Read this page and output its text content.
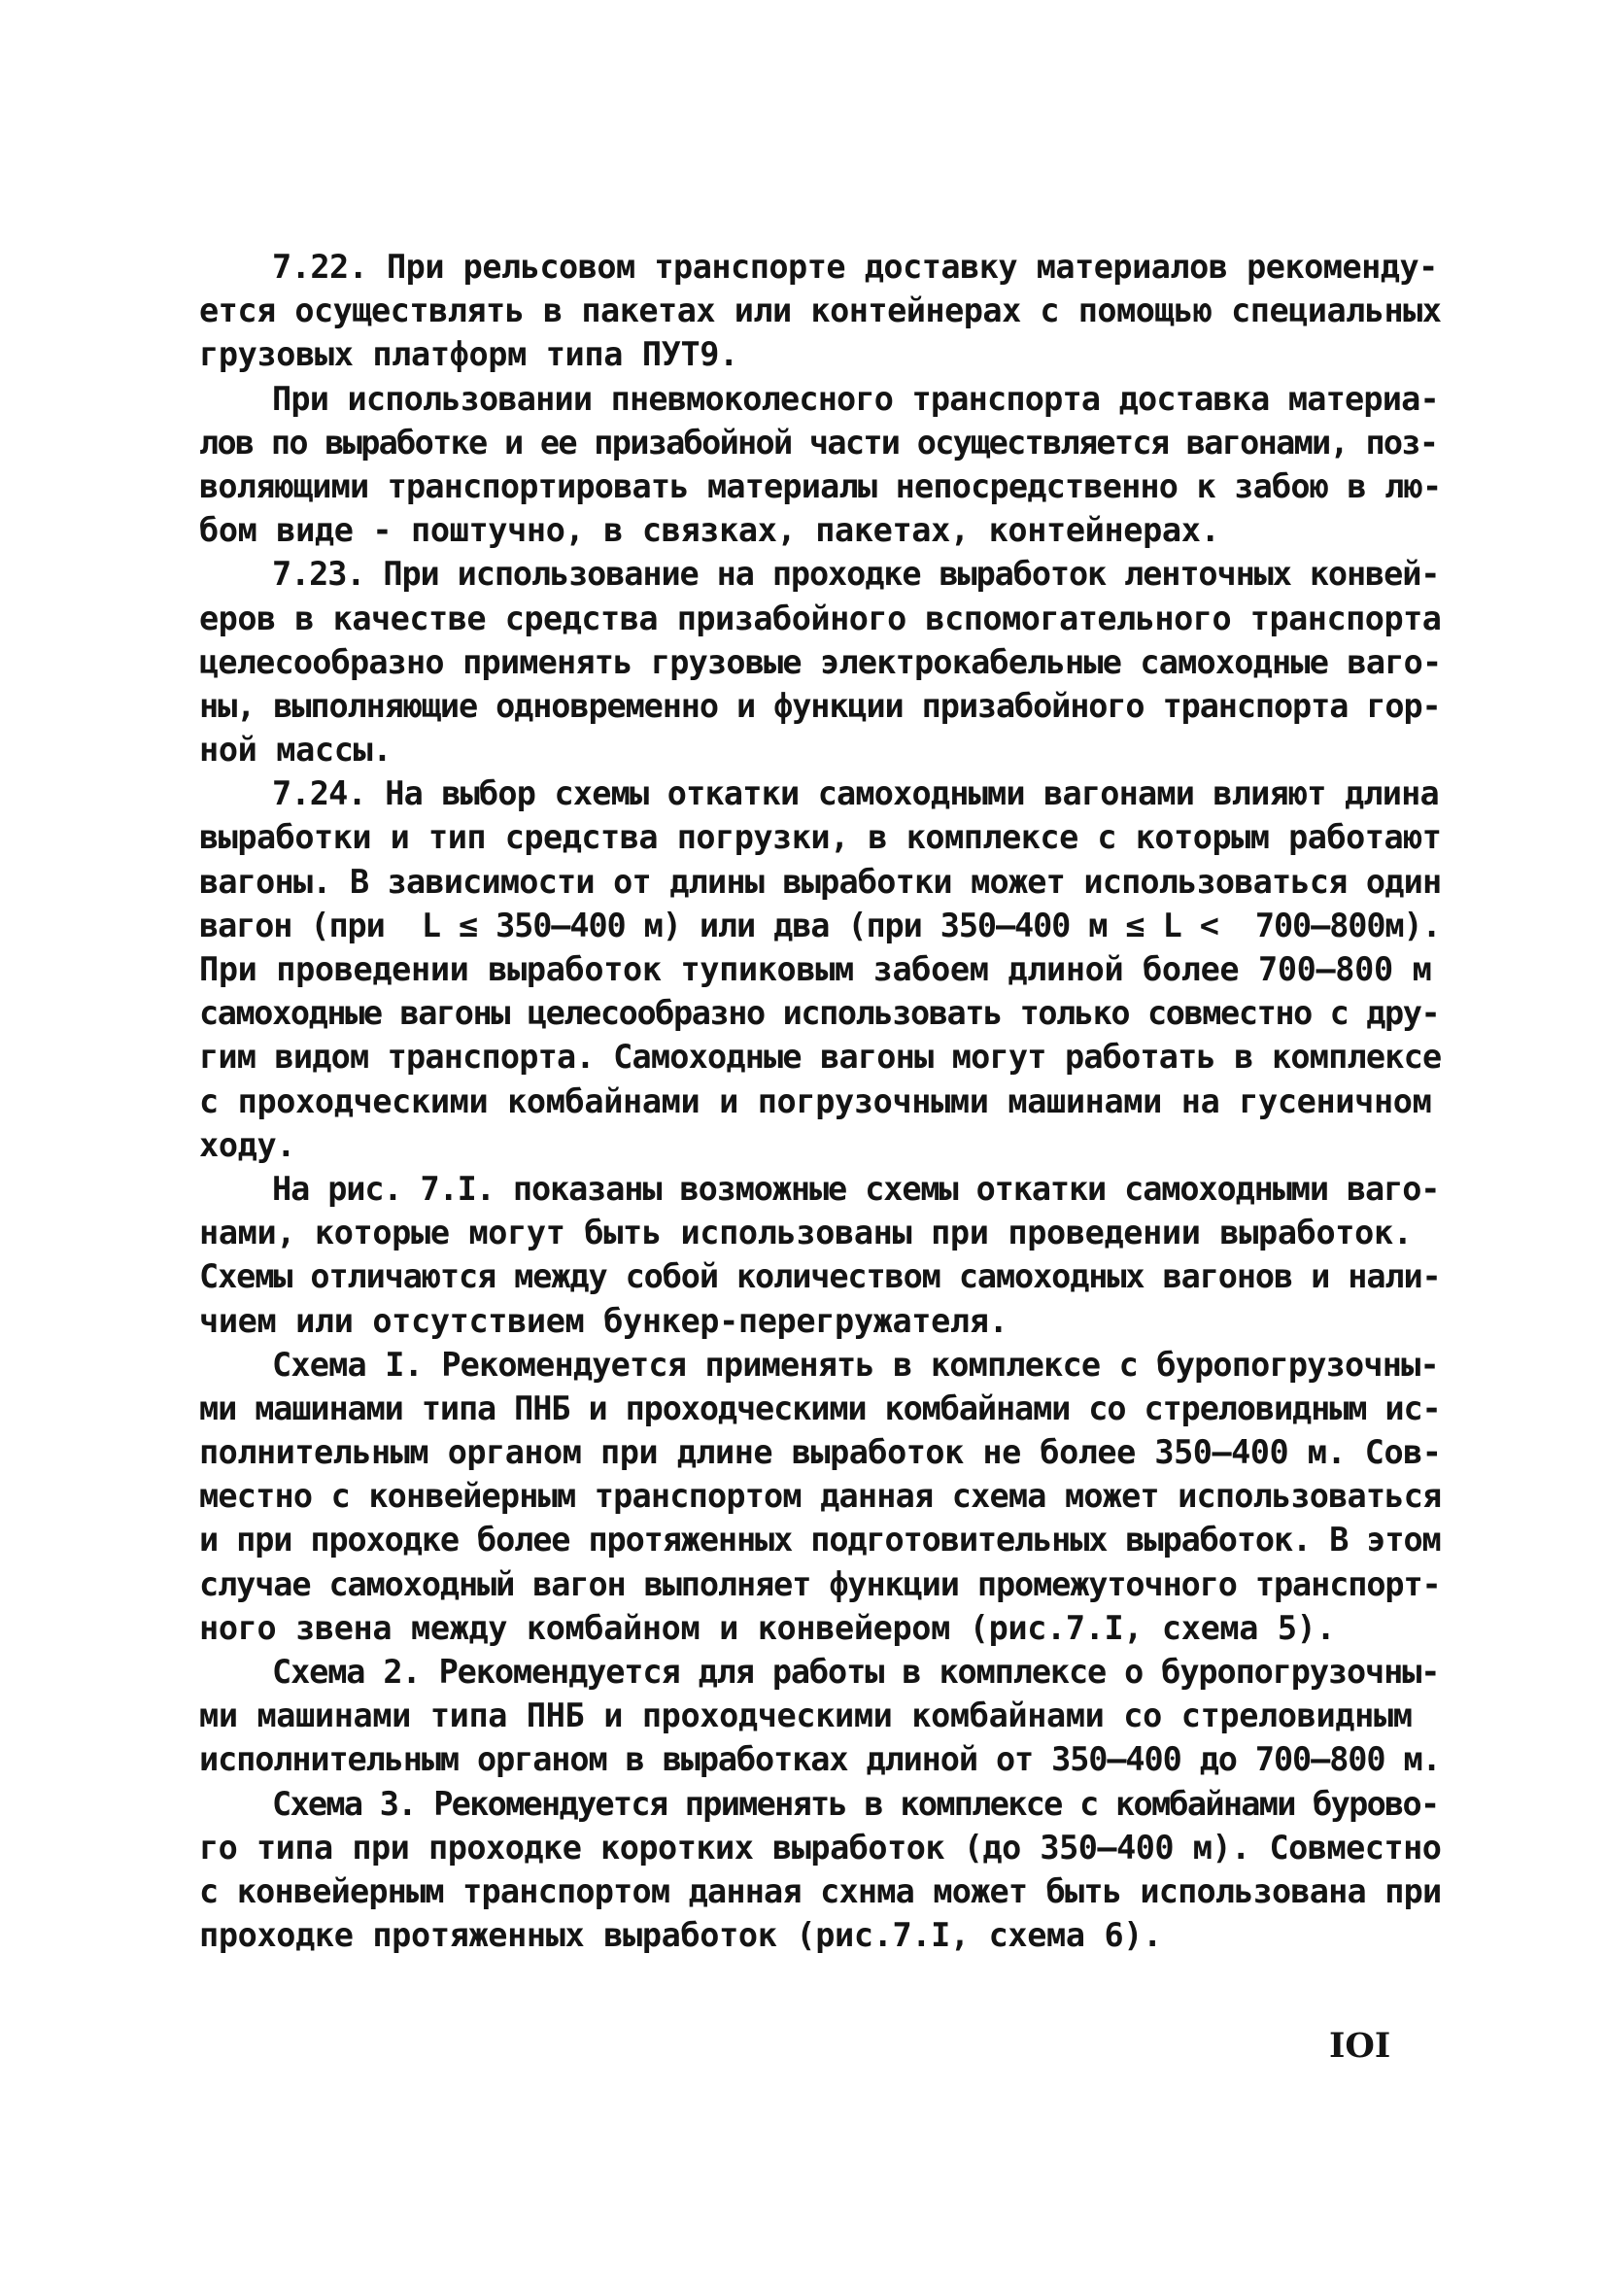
7.22. При рельсовом транспорте доставку материалов рекоменду-
ется осуществлять в пакетах или контейнерах с помощью специальных
грузовых платформ типа ПУТ9.
При использовании пневмоколесного транспорта доставка материа-
лов по выработке и ее призабойной части осуществляется вагонами, поз-
воляющими транспортировать материалы непосредственно к забою в лю-
бом виде - поштучно, в связках, пакетах, контейнерах.
7.23. При использование на проходке выработок ленточных конвей-
еров в качестве средства призабойного вспомогательного транспорта
целесообразно применять грузовые электрокабельные самоходные ваго-
ны, выполняющие одновременно и функции призабойного транспорта гор-
ной массы.
7.24. На выбор схемы откатки самоходными вагонами влияют длина
выработки и тип средства погрузки, в комплексе с которым работают
вагоны. В зависимости от длины выработки может использоваться один
вагон (при  L ≤ 350–400 м) или два (при 350–400 м ≤ L <  700–800м).
При проведении выработок тупиковым забоем длиной более 700–800 м
самоходные вагоны целесообразно использовать только совместно с дру-
гим видом транспорта. Самоходные вагоны могут работать в комплексе
с проходческими комбайнами и погрузочными машинами на гусеничном
ходу.
На рис. 7.I. показаны возможные схемы откатки самоходными ваго-
нами, которые могут быть использованы при проведении выработок.
Схемы отличаются между собой количеством самоходных вагонов и нали-
чием или отсутствием бункер-перегружателя.
Схема I. Рекомендуется применять в комплексе с буропогрузочны-
ми машинами типа ПНБ и проходческими комбайнами со стреловидным ис-
полнительным органом при длине выработок не более 350–400 м. Сов-
местно с конвейерным транспортом данная схема может использоваться
и при проходке более протяженных подготовительных выработок. В этом
случае самоходный вагон выполняет функции промежуточного транспорт-
ного звена между комбайном и конвейером (рис.7.I, схема 5).
Схема 2. Рекомендуется для работы в комплексе о буропогрузочны-
ми машинами типа ПНБ и проходческими комбайнами со стреловидным
исполнительным органом в выработках длиной от 350–400 до 700–800 м.
Схема 3. Рекомендуется применять в комплексе с комбайнами бурово-
го типа при проходке коротких выработок (до 350–400 м). Совместно
с конвейерным транспортом данная схнма может быть использована при
проходке протяженных выработок (рис.7.I, схема 6).
IOI
